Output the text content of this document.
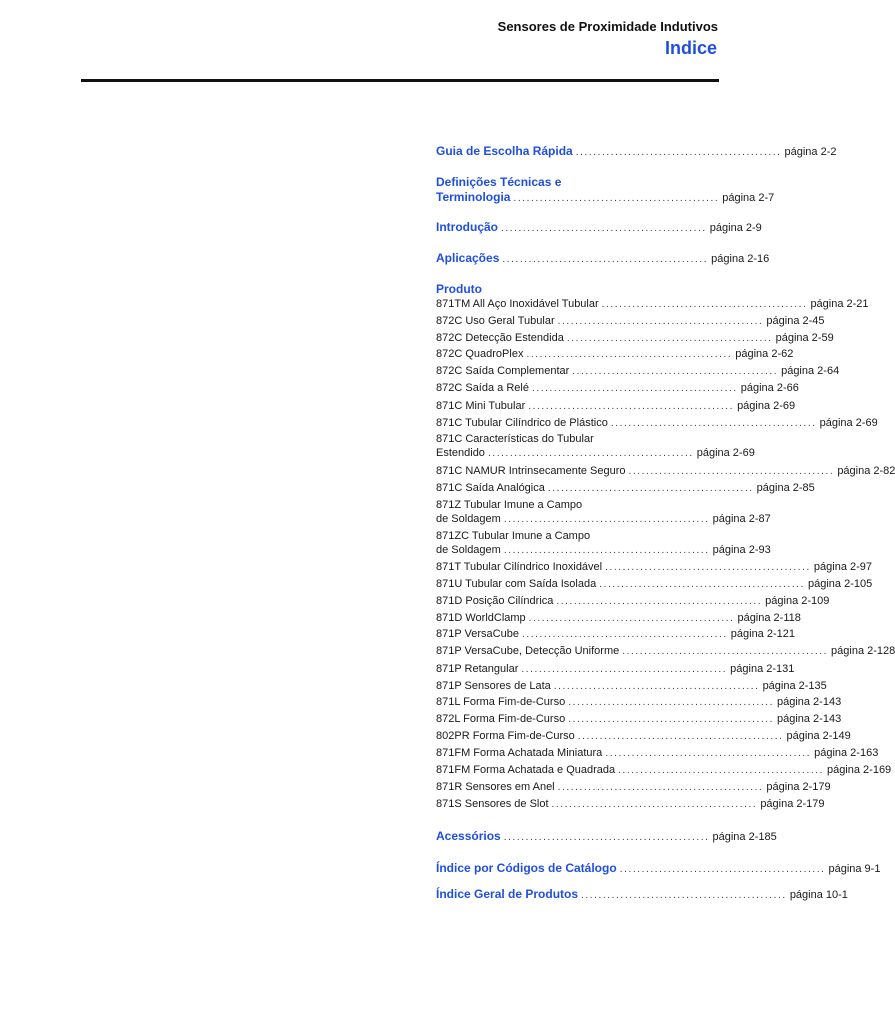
Sensores de Proximidade Indutivos
Indice
Guia de Escolha Rápida ............................................... página 2-2
Definições Técnicas e
Terminologia ............................................... página 2-7
Introdução ............................................... página 2-9
Aplicações ............................................... página 2-16
Produto
871TM All Aço Inoxidável Tubular ............................................... página 2-21
872C Uso Geral Tubular ............................................... página 2-45
872C Detecção Estendida ............................................... página 2-59
872C QuadroPlex ............................................... página 2-62
872C Saída Complementar ............................................... página 2-64
872C Saída a Relé ............................................... página 2-66
871C Mini Tubular ............................................... página 2-69
871C Tubular Cilíndrico de Plástico ............................................... página 2-69
871C Características do Tubular
Estendido ............................................... página 2-69
871C NAMUR Intrinsecamente Seguro ............................................... página 2-82
871C Saída Analógica ............................................... página 2-85
871Z Tubular Imune a Campo
de Soldagem ............................................... página 2-87
871ZC Tubular Imune a Campo
de Soldagem ............................................... página 2-93
871T Tubular Cilíndrico Inoxidável ............................................... página 2-97
871U Tubular com Saída Isolada ............................................... página 2-105
871D Posição Cilíndrica ............................................... página 2-109
871D WorldClamp ............................................... página 2-118
871P VersaCube ............................................... página 2-121
871P VersaCube, Detecção Uniforme ............................................... página 2-128
871P Retangular ............................................... página 2-131
871P Sensores de Lata ............................................... página 2-135
871L Forma Fim-de-Curso ............................................... página 2-143
872L Forma Fim-de-Curso ............................................... página 2-143
802PR Forma Fim-de-Curso ............................................... página 2-149
871FM Forma Achatada Miniatura ............................................... página 2-163
871FM Forma Achatada e Quadrada ............................................... página 2-169
871R Sensores em Anel ............................................... página 2-179
871S Sensores de Slot ............................................... página 2-179
Acessórios ............................................... página 2-185
Índice por Códigos de Catálogo ............................................... página 9-1
Índice Geral de Produtos ............................................... página 10-1
